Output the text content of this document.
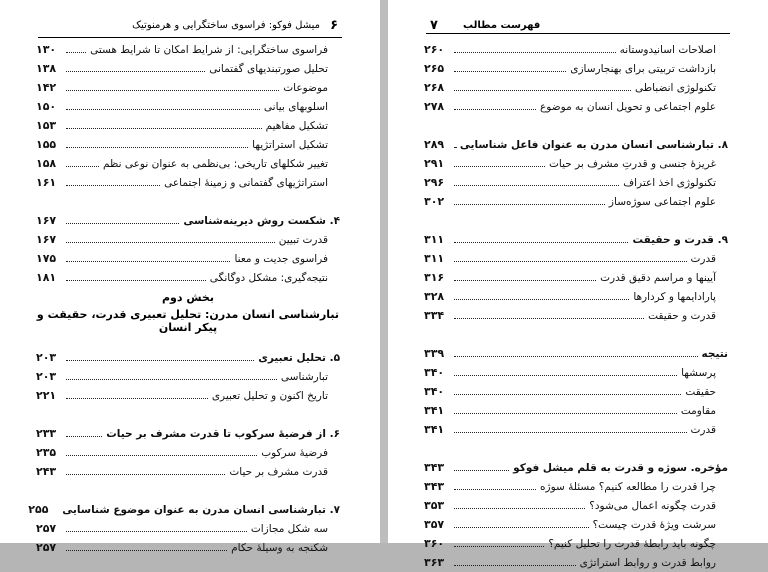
میشل فوکو: فراسوی ساختگرایی و هرمنوتیک ۶
فراسوی ساختگرایی: از شرایط امکان تا شرایط هستی
۱۳۰
تحلیل صورتبندیهای گفتمانی
۱۳۸
موضوعات
۱۴۲
اسلوبهای بیانی
۱۵۰
تشکیل مفاهیم
۱۵۳
تشکیل استراتژیها
۱۵۵
تغییر شکلهای تاریخی: بی‌نظمی به عنوان نوعی نظم
۱۵۸
استراتژیهای گفتمانی و زمینهٔ اجتماعی
۱۶۱
۴. شکست روش دیرینه‌شناسی
۱۶۷
قدرت تبیین
۱۶۷
فراسوی جدیت و معنا
۱۷۵
نتیجه‌گیری: مشکل دوگانگی
۱۸۱
بخش دوم
تبارشناسی انسان مدرن: تحلیل تعبیری قدرت، حقیقت و پیکر انسان
۵. تحلیل تعبیری
۲۰۳
تبارشناسی
۲۰۳
تاریخ اکنون و تحلیل تعبیری
۲۲۱
۶. از فرضیهٔ سرکوب تا قدرت مشرف بر حیات
۲۳۳
فرضیهٔ سرکوب
۲۳۵
قدرت مشرف بر حیات
۲۴۳
۷. تبارشناسی انسان مدرن به عنوان موضوع شناسایی
۲۵۵
سه شکل مجازات
۲۵۷
شکنجه به وسیلهٔ حکام
۲۵۷
۷	فهرست مطالب
اصلاحات اسانیدوستانه
۲۶۰
بازداشت تربیتی برای بهنجارسازی
۲۶۵
تکنولوژی انضباطی
۲۶۸
علوم اجتماعی و تحویل انسان به موضوع
۲۷۸
۸. تبارشناسی انسان مدرن به عنوان فاعل شناسایی
۲۸۹
غریزهٔ جنسی و قدرتِ مشرف بر حیات
۲۹۱
تکنولوژی اخذ اعتراف
۲۹۶
علوم اجتماعی سوژه‌ساز
۳۰۲
۹. قدرت و حقیقت
۳۱۱
قدرت
۳۱۱
آیینها و مراسم دقیق قدرت
۳۱۶
پارادایمها و کردارها
۳۲۸
قدرت و حقیقت
۳۳۴
نتیجه
۳۳۹
پرسشها
۳۴۰
حقیقت
۳۴۰
مقاومت
۳۴۱
قدرت
۳۴۱
مؤخره. سوژه و قدرت به قلم میشل فوکو
۳۴۳
چرا قدرت را مطالعه کنیم؟ مسئلهٔ سوژه
۳۴۳
قدرت چگونه اعمال می‌شود؟
۳۵۳
سرشت ویژهٔ قدرت چیست؟
۳۵۷
چگونه باید رابطهٔ قدرت را تحلیل کنیم؟
۳۶۰
روابط قدرت و روابط استراتژی
۳۶۳
